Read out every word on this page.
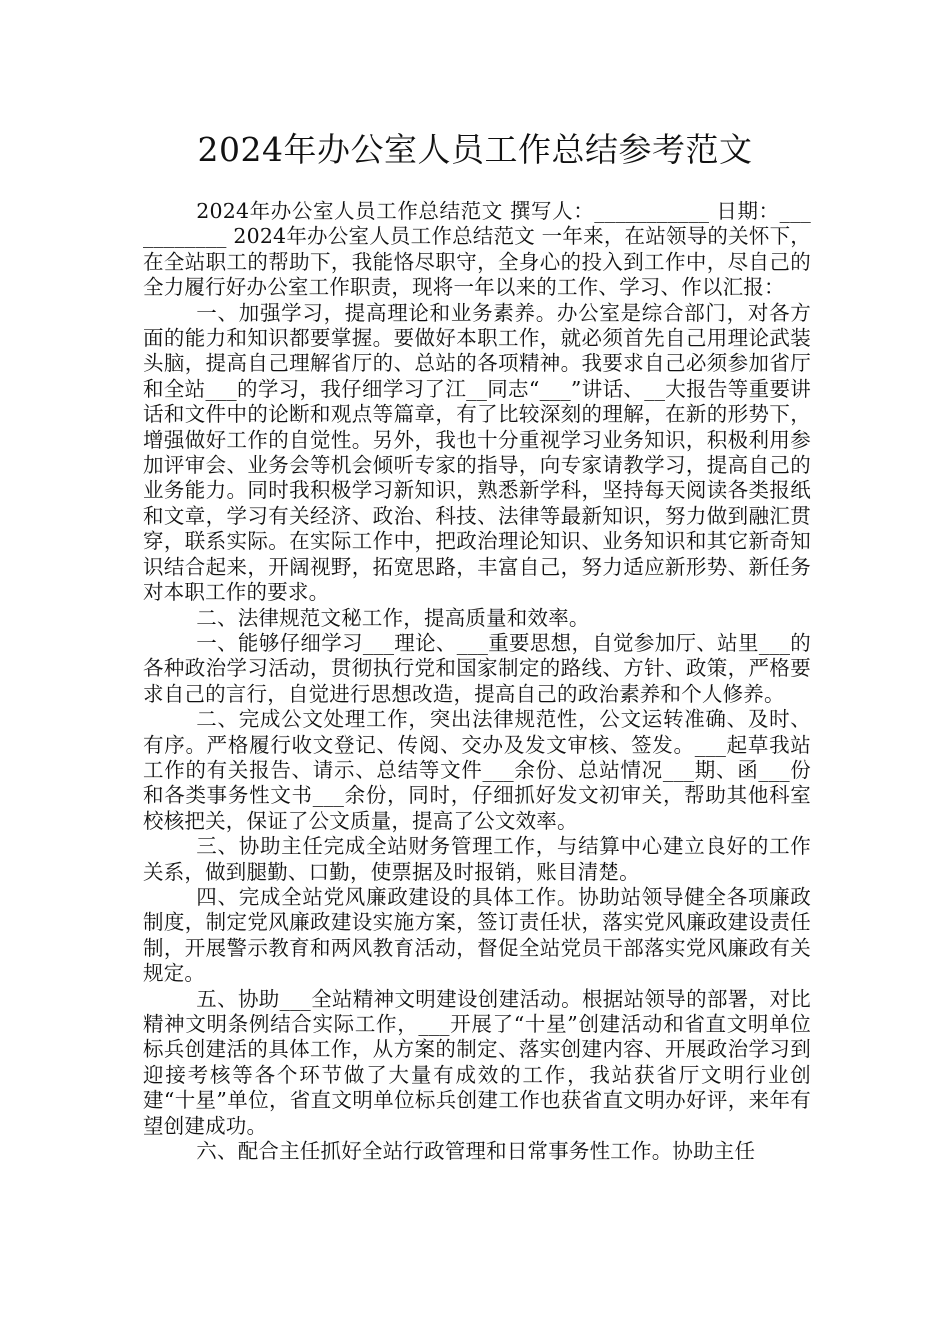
2024年办公室人员工作总结参考范文

2024年办公室人员工作总结范文 撰写人：___________ 日期：___________ 2024年办公室人员工作总结范文 一年来，在站领导的关怀下，在全站职工的帮助下，我能恪尽职守，全身心的投入到工作中，尽自己的全力履行好办公室工作职责，现将一年以来的工作、学习、作以汇报：

一、加强学习，提高理论和业务素养。办公室是综合部门，对各方面的能力和知识都要掌握。要做好本职工作，就必须首先自己用理论武装头脑，提高自己理解省厅的、总站的各项精神。我要求自己必须参加省厅和全站___的学习，我仔细学习了江__同志“___”讲话、__大报告等重要讲话和文件中的论断和观点等篇章，有了比较深刻的理解，在新的形势下，增强做好工作的自觉性。另外，我也十分重视学习业务知识，积极利用参加评审会、业务会等机会倾听专家的指导，向专家请教学习，提高自己的业务能力。同时我积极学习新知识，熟悉新学科，坚持每天阅读各类报纸和文章，学习有关经济、政治、科技、法律等最新知识，努力做到融汇贯穿，联系实际。在实际工作中，把政治理论知识、业务知识和其它新奇知识结合起来，开阔视野，拓宽思路，丰富自己，努力适应新形势、新任务对本职工作的要求。

二、法律规范文秘工作，提高质量和效率。

一、能够仔细学习___理论、___重要思想，自觉参加厅、站里___的各种政治学习活动，贯彻执行党和国家制定的路线、方针、政策，严格要求自己的言行，自觉进行思想改造，提高自己的政治素养和个人修养。

二、完成公文处理工作，突出法律规范性，公文运转准确、及时、有序。严格履行收文登记、传阅、交办及发文审核、签发。___起草我站工作的有关报告、请示、总结等文件___余份、总站情况___期、函___份和各类事务性文书___余份，同时，仔细抓好发文初审关，帮助其他科室校核把关，保证了公文质量，提高了公文效率。

三、协助主任完成全站财务管理工作，与结算中心建立良好的工作关系，做到腿勤、口勤，使票据及时报销，账目清楚。

四、完成全站党风廉政建设的具体工作。协助站领导健全各项廉政制度，制定党风廉政建设实施方案，签订责任状，落实党风廉政建设责任制，开展警示教育和两风教育活动，督促全站党员干部落实党风廉政有关规定。

五、协助___全站精神文明建设创建活动。根据站领导的部署，对比精神文明条例结合实际工作，___开展了“十星”创建活动和省直文明单位标兵创建活的具体工作，从方案的制定、落实创建内容、开展政治学习到迎接考核等各个环节做了大量有成效的工作，我站获省厅文明行业创建“十星”单位，省直文明单位标兵创建工作也获省直文明办好评，来年有望创建成功。

六、配合主任抓好全站行政管理和日常事务性工作。协助主任
